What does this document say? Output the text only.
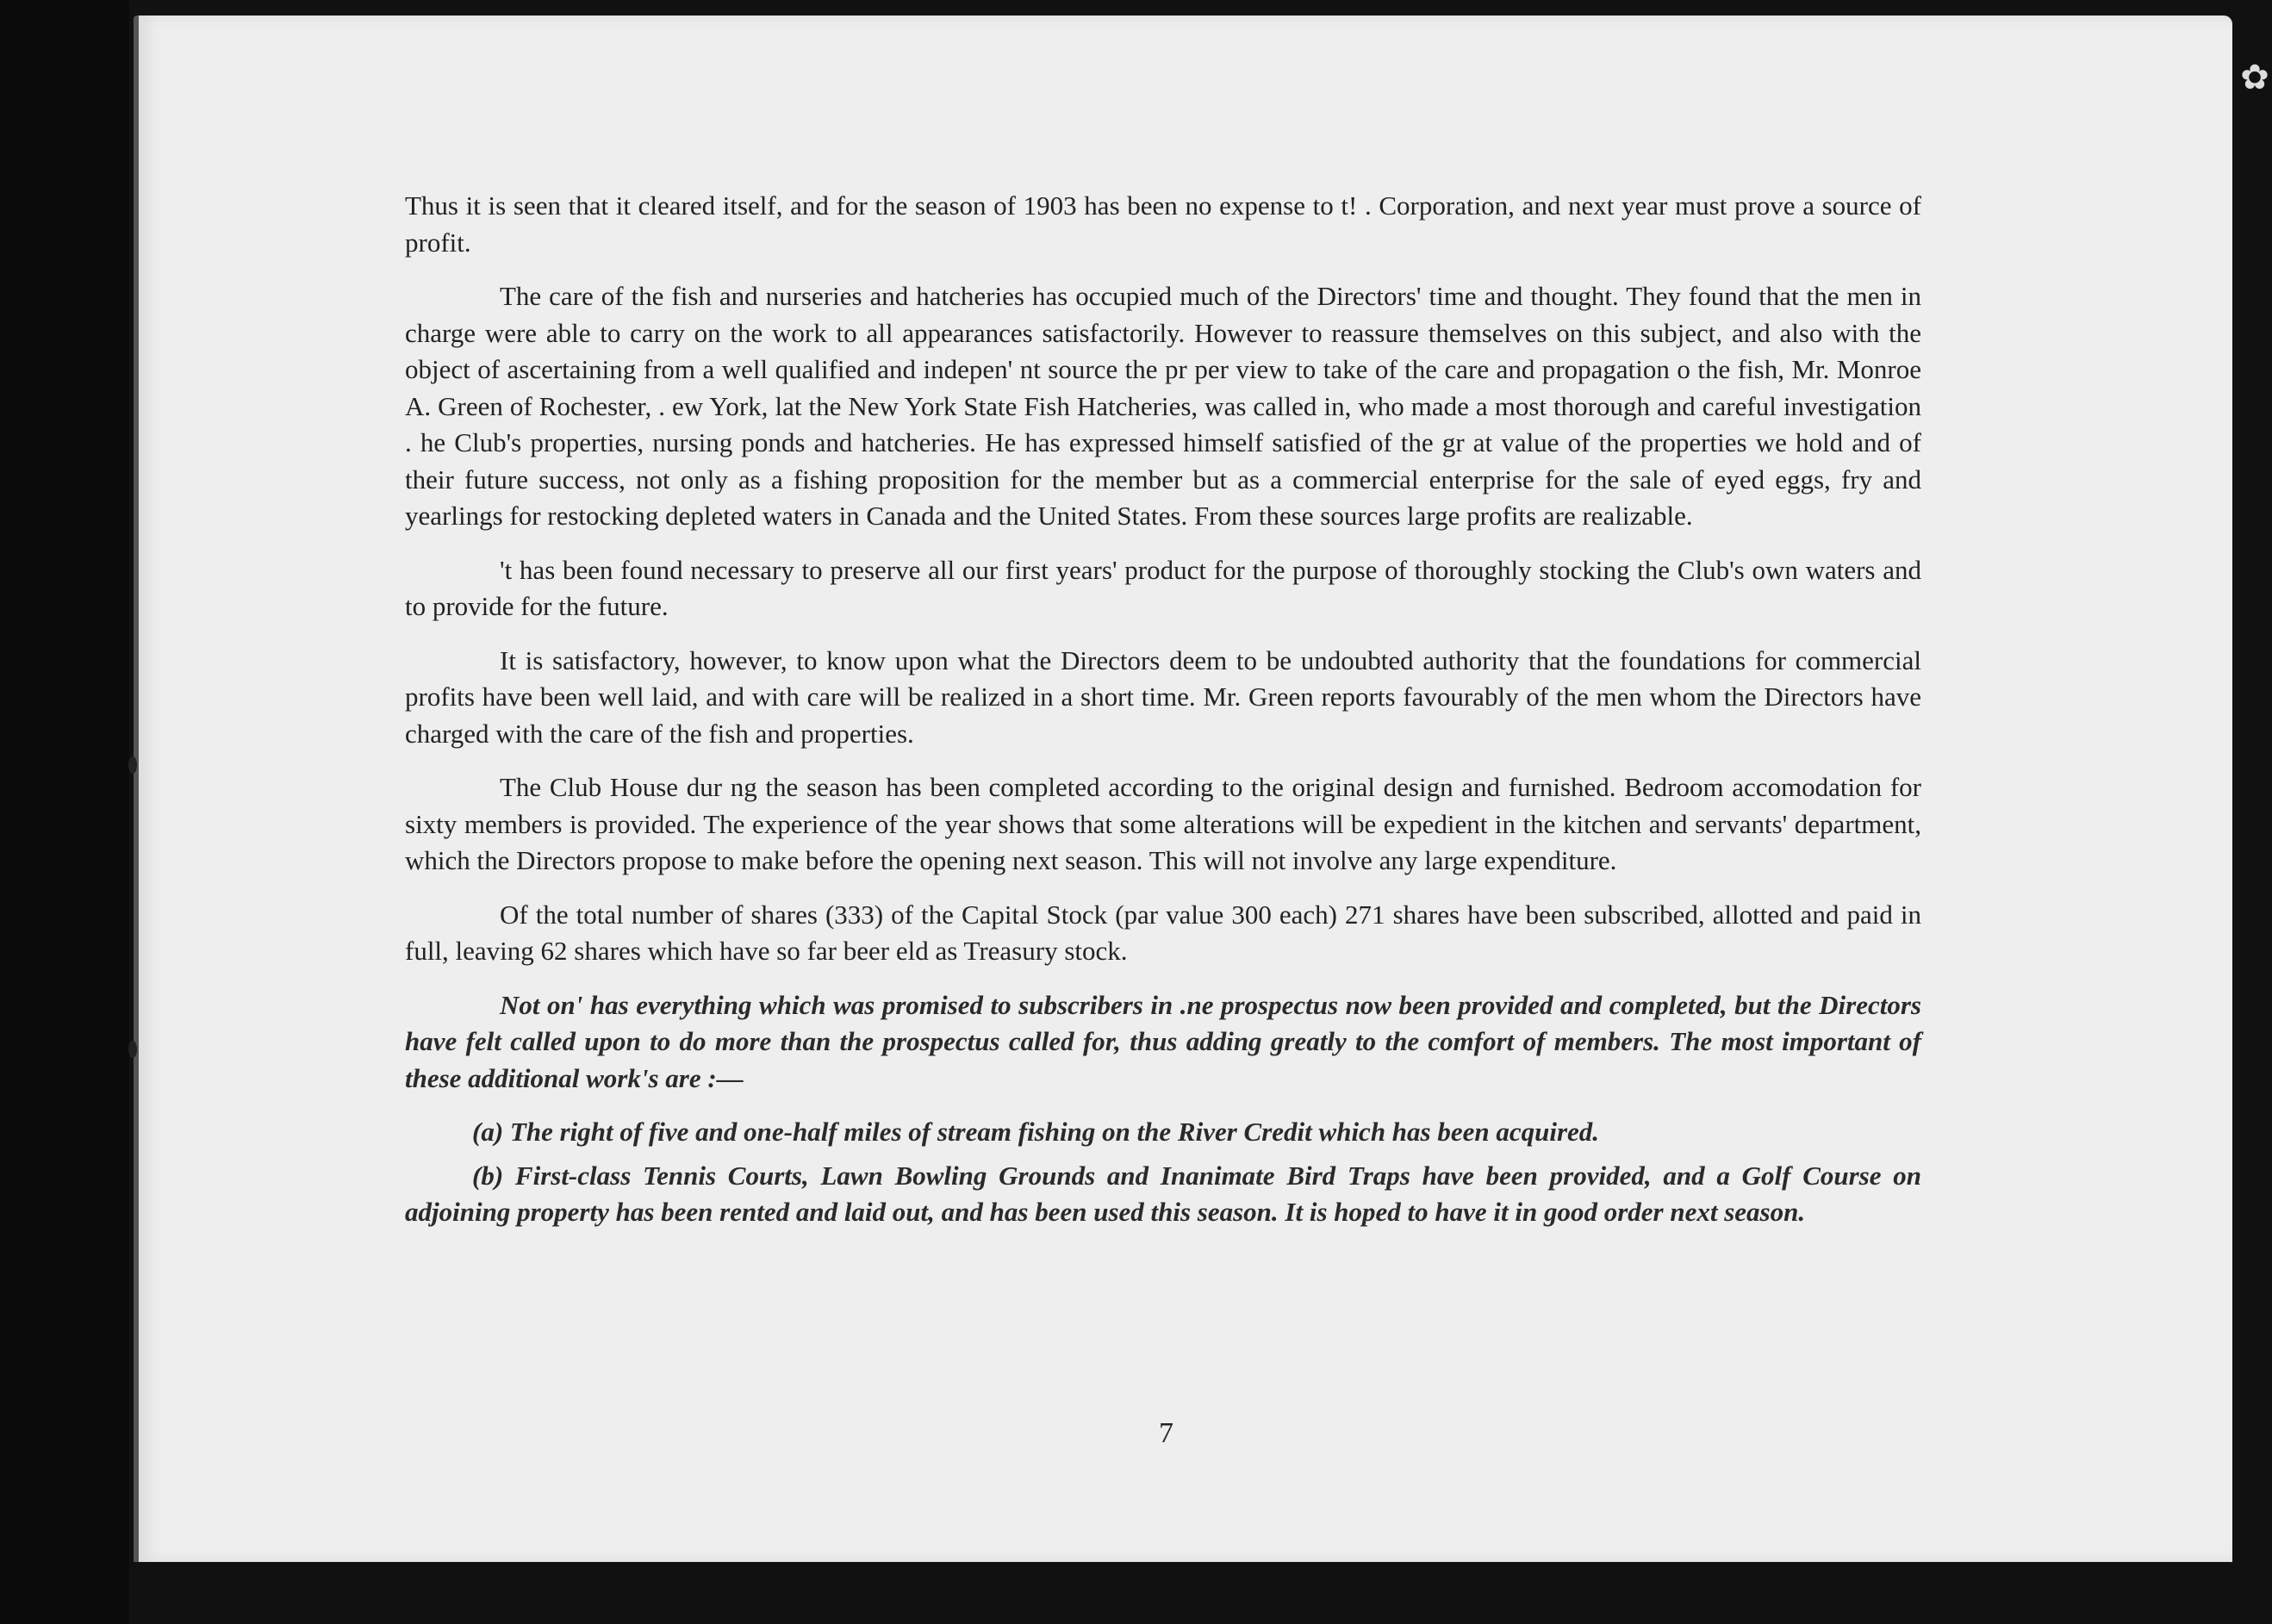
✿

Thus it is seen that it cleared itself, and for the season of 1903 has been no expense to t! . Corporation, and next year must prove a source of profit.

The care of the fish and nurseries and hatcheries has occupied much of the Directors' time and thought. They found that the men in charge were able to carry on the work to all appearances satisfactorily. However to reassure themselves on this subject, and also with the object of ascertaining from a well qualified and indepen' nt source the pr per view to take of the care and propagation o the fish, Mr. Monroe A. Green of Rochester, . ew York, lat the New York State Fish Hatcheries, was called in, who made a most thorough and careful investigation . he Club's properties, nursing ponds and hatcheries. He has expressed himself satisfied of the gr at value of the properties we hold and of their future success, not only as a fishing proposition for the member but as a commercial enterprise for the sale of eyed eggs, fry and yearlings for restocking depleted waters in Canada and the United States. From these sources large profits are realizable.

't has been found necessary to preserve all our first years' product for the purpose of thoroughly stocking the Club's own waters and to provide for the future.

It is satisfactory, however, to know upon what the Directors deem to be undoubted authority that the foundations for commercial profits have been well laid, and with care will be realized in a short time. Mr. Green reports favourably of the men whom the Directors have charged with the care of the fish and properties.

The Club House dur ng the season has been completed according to the original design and furnished. Bedroom accomodation for sixty members is provided. The experience of the year shows that some alterations will be expedient in the kitchen and servants' department, which the Directors propose to make before the opening next season. This will not involve any large expenditure.

Of the total number of shares (333) of the Capital Stock (par value 300 each) 271 shares have been subscribed, allotted and paid in full, leaving 62 shares which have so far beer eld as Treasury stock.

Not on' has everything which was promised to subscribers in .ne prospectus now been provided and completed, but the Directors have felt called upon to do more than the prospectus called for, thus adding greatly to the comfort of members. The most important of these additional work's are :—

(a) The right of five and one-half miles of stream fishing on the River Credit which has been acquired.

(b) First-class Tennis Courts, Lawn Bowling Grounds and Inanimate Bird Traps have been provided, and a Golf Course on adjoining property has been rented and laid out, and has been used this season. It is hoped to have it in good order next season.

7
